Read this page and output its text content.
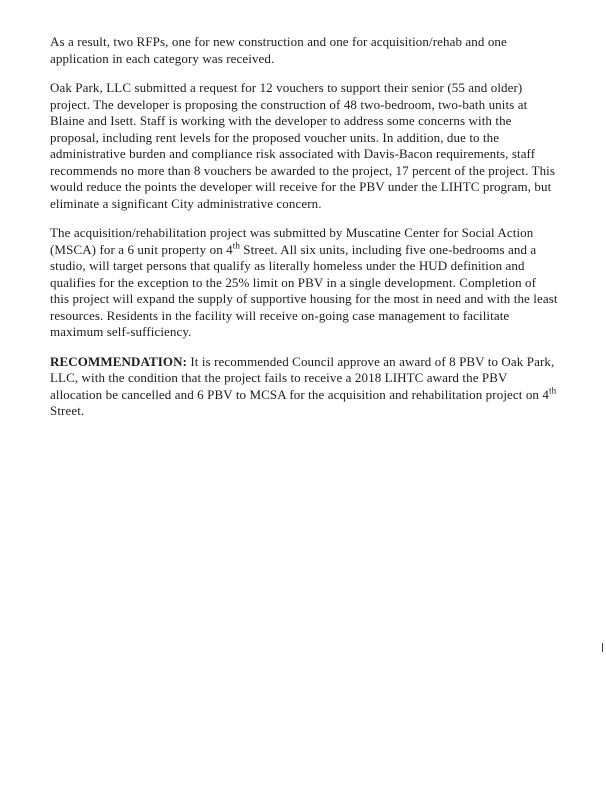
As a result, two RFPs, one for new construction and one for acquisition/rehab and one application in each category was received.

Oak Park, LLC submitted a request for 12 vouchers to support their senior (55 and older) project. The developer is proposing the construction of 48 two-bedroom, two-bath units at Blaine and Isett. Staff is working with the developer to address some concerns with the proposal, including rent levels for the proposed voucher units. In addition, due to the administrative burden and compliance risk associated with Davis-Bacon requirements, staff recommends no more than 8 vouchers be awarded to the project, 17 percent of the project. This would reduce the points the developer will receive for the PBV under the LIHTC program, but eliminate a significant City administrative concern.

The acquisition/rehabilitation project was submitted by Muscatine Center for Social Action (MSCA) for a 6 unit property on 4th Street. All six units, including five one-bedrooms and a studio, will target persons that qualify as literally homeless under the HUD definition and qualifies for the exception to the 25% limit on PBV in a single development. Completion of this project will expand the supply of supportive housing for the most in need and with the least resources. Residents in the facility will receive on-going case management to facilitate maximum self-sufficiency.

RECOMMENDATION: It is recommended Council approve an award of 8 PBV to Oak Park, LLC, with the condition that the project fails to receive a 2018 LIHTC award the PBV allocation be cancelled and 6 PBV to MCSA for the acquisition and rehabilitation project on 4th Street.
